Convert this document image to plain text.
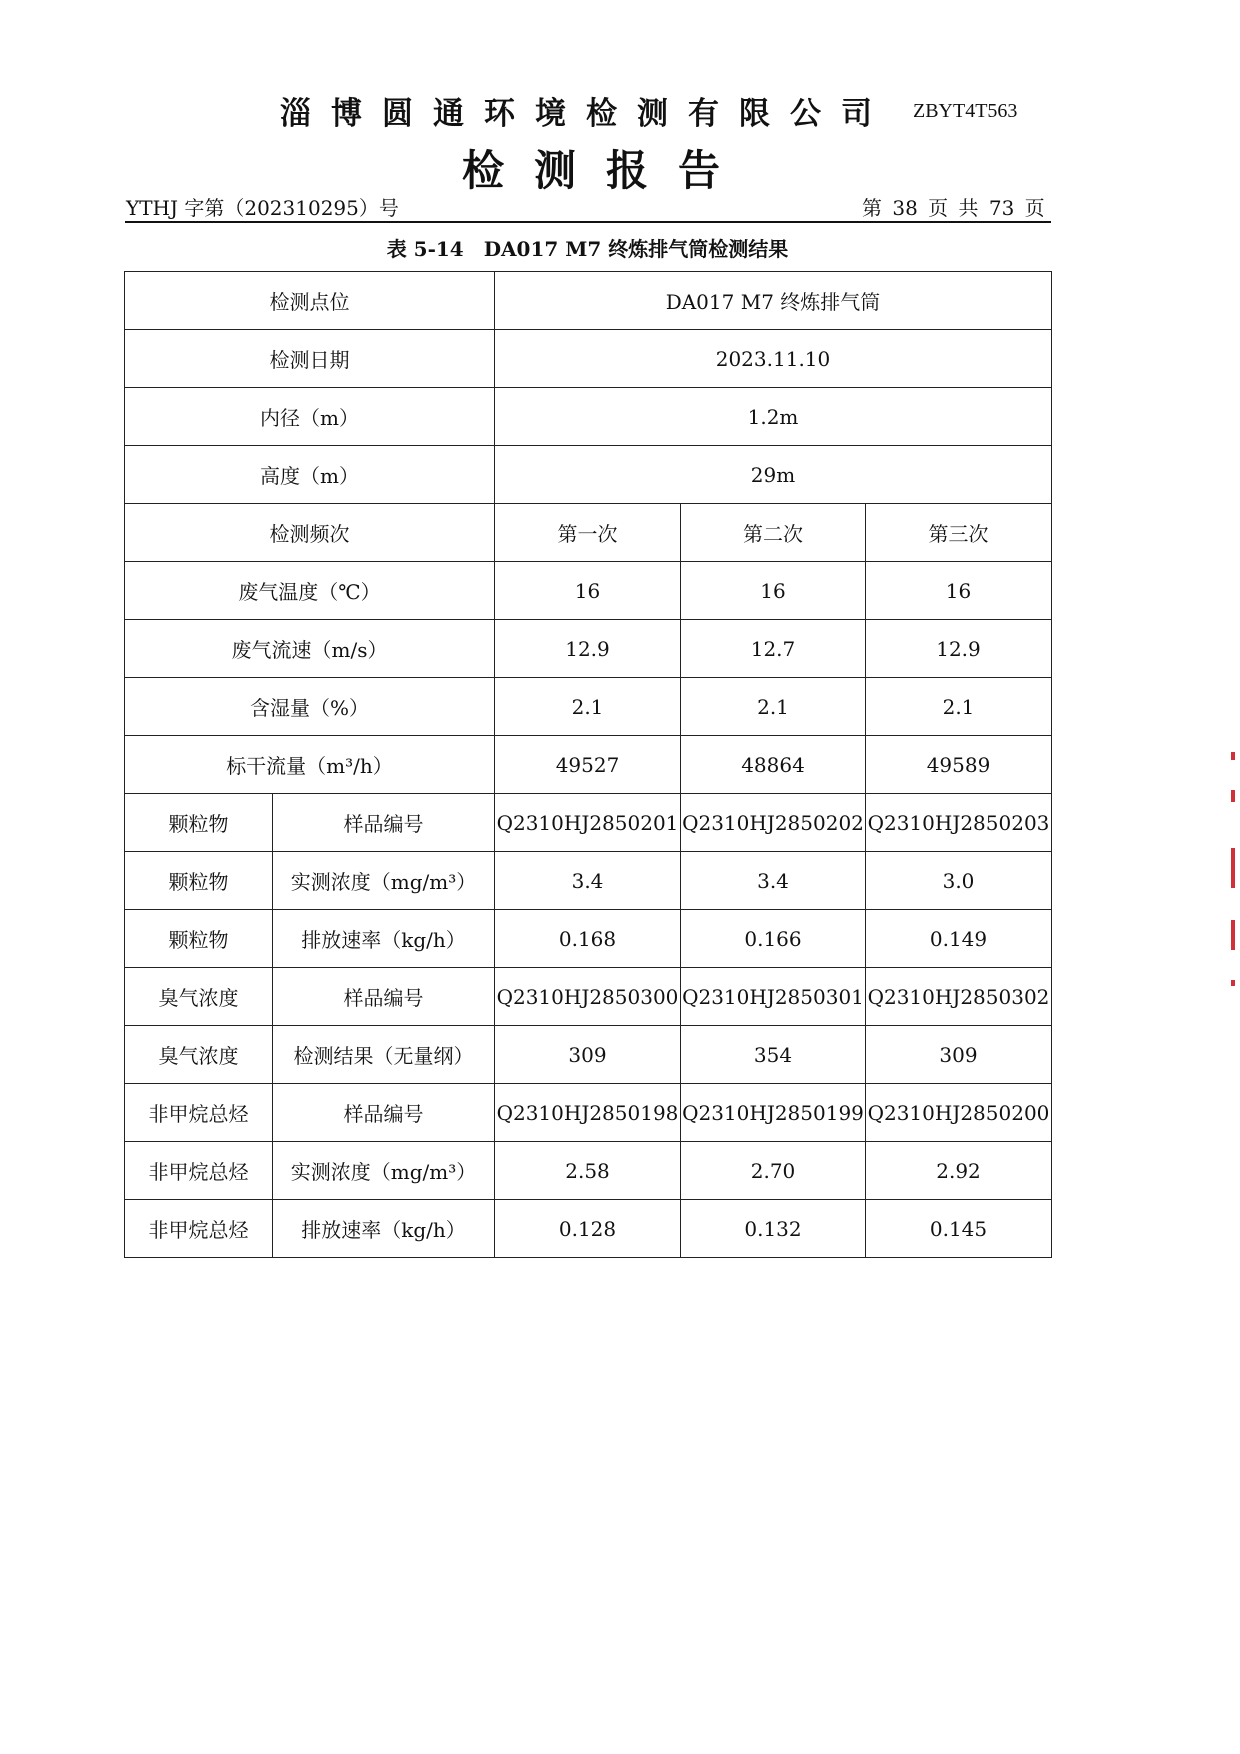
淄博圆通环境检测有限公司 ZBYT4T563
检测报告
YTHJ 字第（202310295）号	第 38 页 共 73 页
表 5-14　DA017 M7 终炼排气筒检测结果
检测点位		DA017 M7 终炼排气筒		
检测日期		2023.11.10		
内径（m）		1.2m		
高度（m）		29m		
检测频次		第一次	第二次	第三次
废气温度（℃）		16	16	16
废气流速（m/s）		12.9	12.7	12.9
含湿量（%）		2.1	2.1	2.1
标干流量（m³/h）		49527	48864	49589
颗粒物	样品编号	Q2310HJ2850201	Q2310HJ2850202	Q2310HJ2850203
颗粒物	实测浓度（mg/m³）	3.4	3.4	3.0
颗粒物	排放速率（kg/h）	0.168	0.166	0.149
臭气浓度	样品编号	Q2310HJ2850300	Q2310HJ2850301	Q2310HJ2850302
臭气浓度	检测结果（无量纲）	309	354	309
非甲烷总烃	样品编号	Q2310HJ2850198	Q2310HJ2850199	Q2310HJ2850200
非甲烷总烃	实测浓度（mg/m³）	2.58	2.70	2.92
非甲烷总烃	排放速率（kg/h）	0.128	0.132	0.145
